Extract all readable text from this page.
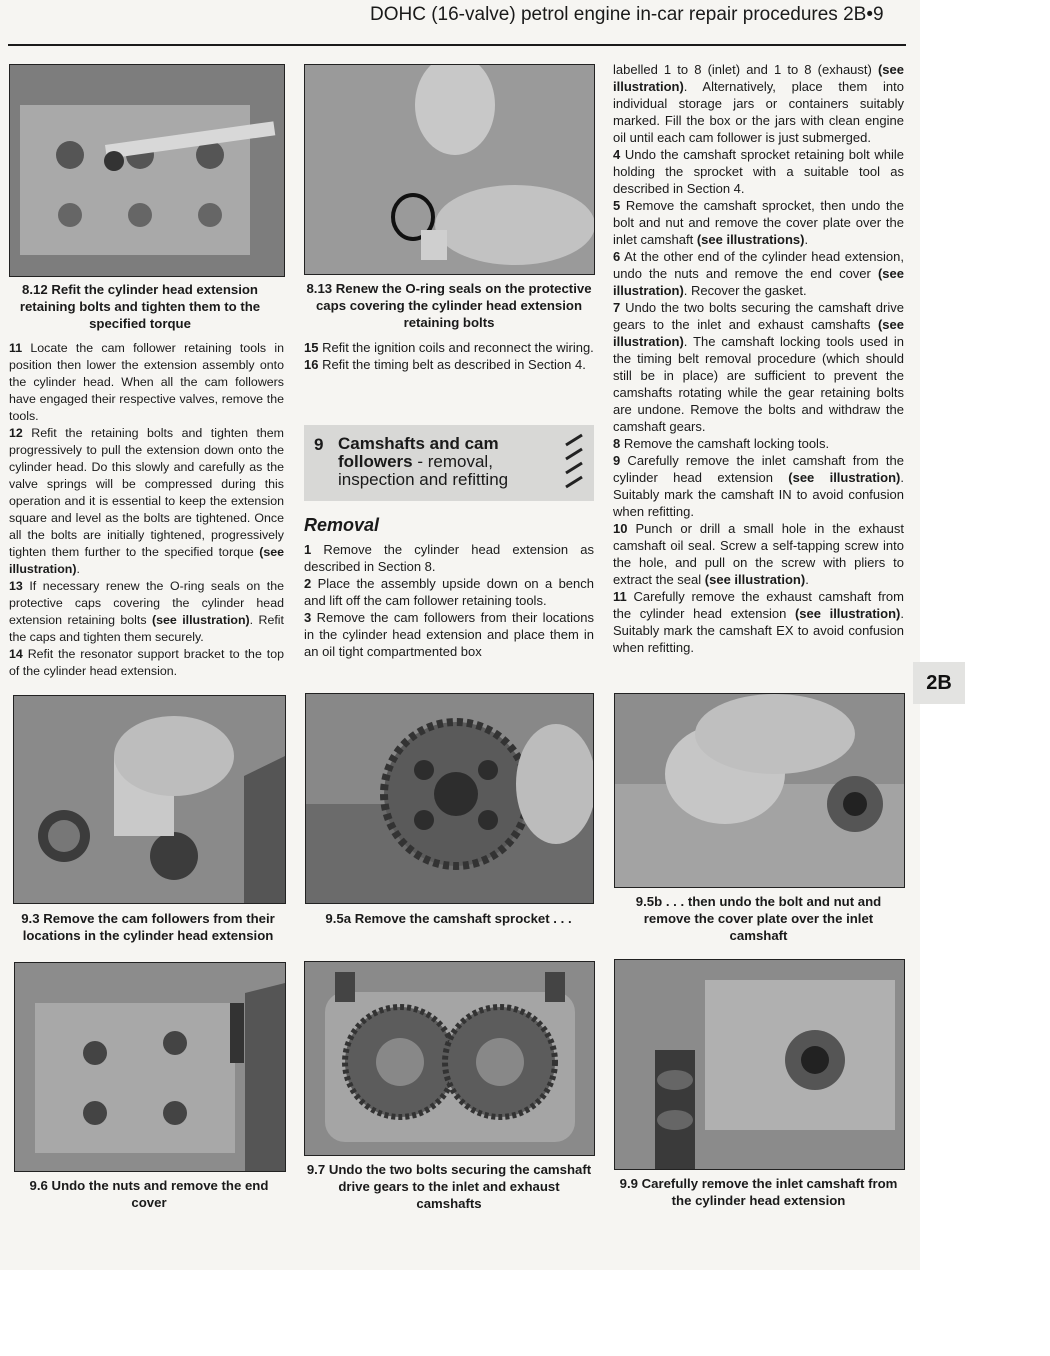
DOHC (16-valve) petrol engine in-car repair procedures 2B•9
8.12 Refit the cylinder head extension retaining bolts and tighten them to the specified torque
8.13 Renew the O-ring seals on the protective caps covering the cylinder head extension retaining bolts

11 Locate the cam follower retaining tools in position then lower the extension assembly onto the cylinder head. When all the cam followers have engaged their respective valves, remove the tools.

12 Refit the retaining bolts and tighten them progressively to pull the extension down onto the cylinder head. Do this slowly and carefully as the valve springs will be compressed during this operation and it is essential to keep the extension square and level as the bolts are tightened. Once all the bolts are initially tightened, progressively tighten them further to the specified torque (see illustration).

13 If necessary renew the O-ring seals on the protective caps covering the cylinder head extension retaining bolts (see illustration). Refit the caps and tighten them securely.

14 Refit the resonator support bracket to the top of the cylinder head extension.

15 Refit the ignition coils and reconnect the wiring.

16 Refit the timing belt as described in Section 4.

9 Camshafts and cam followers - removal, inspection and refitting
Removal

1 Remove the cylinder head extension as described in Section 8.

2 Place the assembly upside down on a bench and lift off the cam follower retaining tools.

3 Remove the cam followers from their locations in the cylinder head extension and place them in an oil tight compartmented box

labelled 1 to 8 (inlet) and 1 to 8 (exhaust) (see illustration). Alternatively, place them into individual storage jars or containers suitably marked. Fill the box or the jars with clean engine oil until each cam follower is just submerged.

4 Undo the camshaft sprocket retaining bolt while holding the sprocket with a suitable tool as described in Section 4.

5 Remove the camshaft sprocket, then undo the bolt and nut and remove the cover plate over the inlet camshaft (see illustrations).

6 At the other end of the cylinder head extension, undo the nuts and remove the end cover (see illustration). Recover the gasket.

7 Undo the two bolts securing the camshaft drive gears to the inlet and exhaust camshafts (see illustration). The camshaft locking tools used in the timing belt removal procedure (which should still be in place) are sufficient to prevent the camshafts rotating while the gear retaining bolts are undone. Remove the bolts and withdraw the camshaft gears.

8 Remove the camshaft locking tools.

9 Carefully remove the inlet camshaft from the cylinder head extension (see illustration). Suitably mark the camshaft IN to avoid confusion when refitting.

10 Punch or drill a small hole in the exhaust camshaft oil seal. Screw a self-tapping screw into the hole, and pull on the screw with pliers to extract the seal (see illustration).

11 Carefully remove the exhaust camshaft from the cylinder head extension (see illustration). Suitably mark the camshaft EX to avoid confusion when refitting.

9.3 Remove the cam followers from their locations in the cylinder head extension
9.5a Remove the camshaft sprocket . . .
9.5b . . . then undo the bolt and nut and remove the cover plate over the inlet camshaft
9.6 Undo the nuts and remove the end cover
9.7 Undo the two bolts securing the camshaft drive gears to the inlet and exhaust camshafts
9.9 Carefully remove the inlet camshaft from the cylinder head extension
2B
